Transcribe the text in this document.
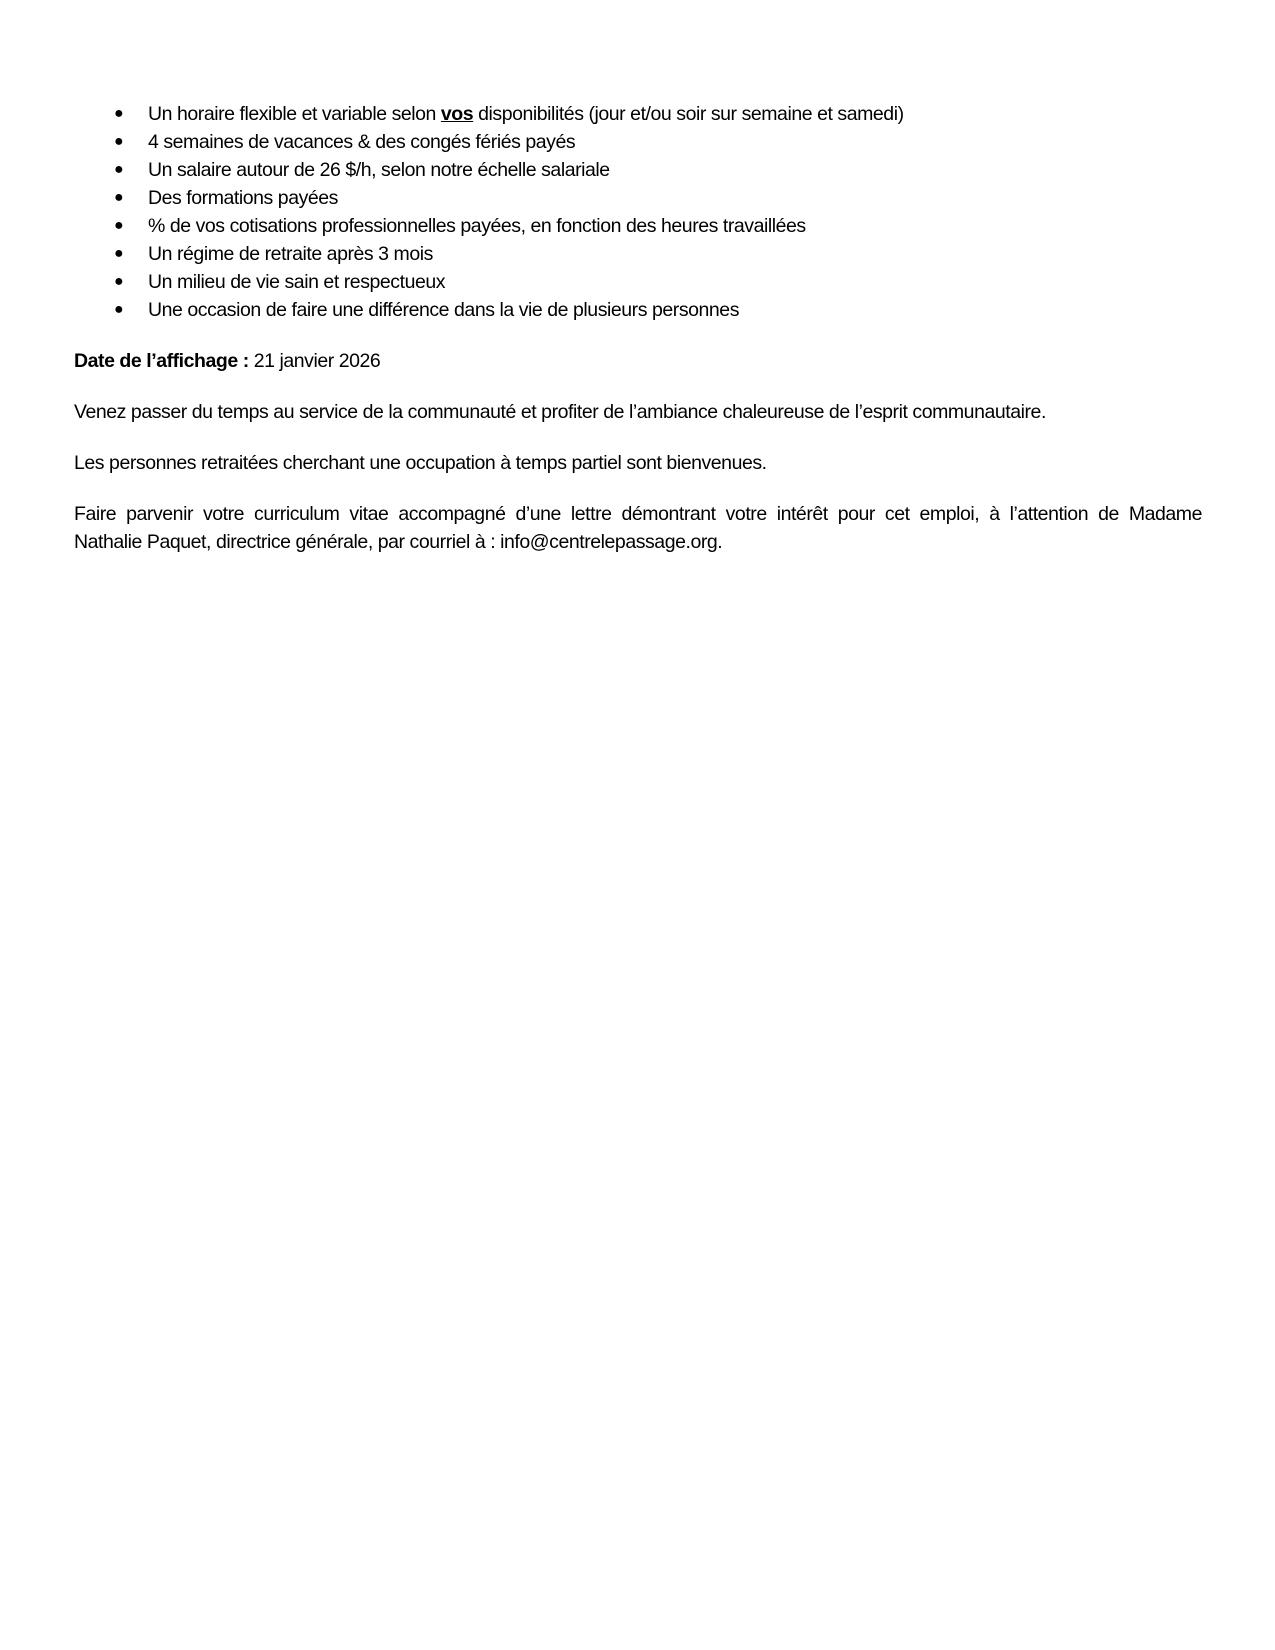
● Un horaire flexible et variable selon vos disponibilités (jour et/ou soir sur semaine et samedi)
● 4 semaines de vacances & des congés fériés payés
● Un salaire autour de 26 $/h, selon notre échelle salariale
● Des formations payées
● % de vos cotisations professionnelles payées, en fonction des heures travaillées
● Un régime de retraite après 3 mois
● Un milieu de vie sain et respectueux
● Une occasion de faire une différence dans la vie de plusieurs personnes

Date de l’affichage : 21 janvier 2026

Venez passer du temps au service de la communauté et profiter de l’ambiance chaleureuse de l’esprit communautaire.

Les personnes retraitées cherchant une occupation à temps partiel sont bienvenues.

Faire parvenir votre curriculum vitae accompagné d’une lettre démontrant votre intérêt pour cet emploi, à l’attention de Madame
Nathalie Paquet, directrice générale, par courriel à : info@centrelepassage.org.
